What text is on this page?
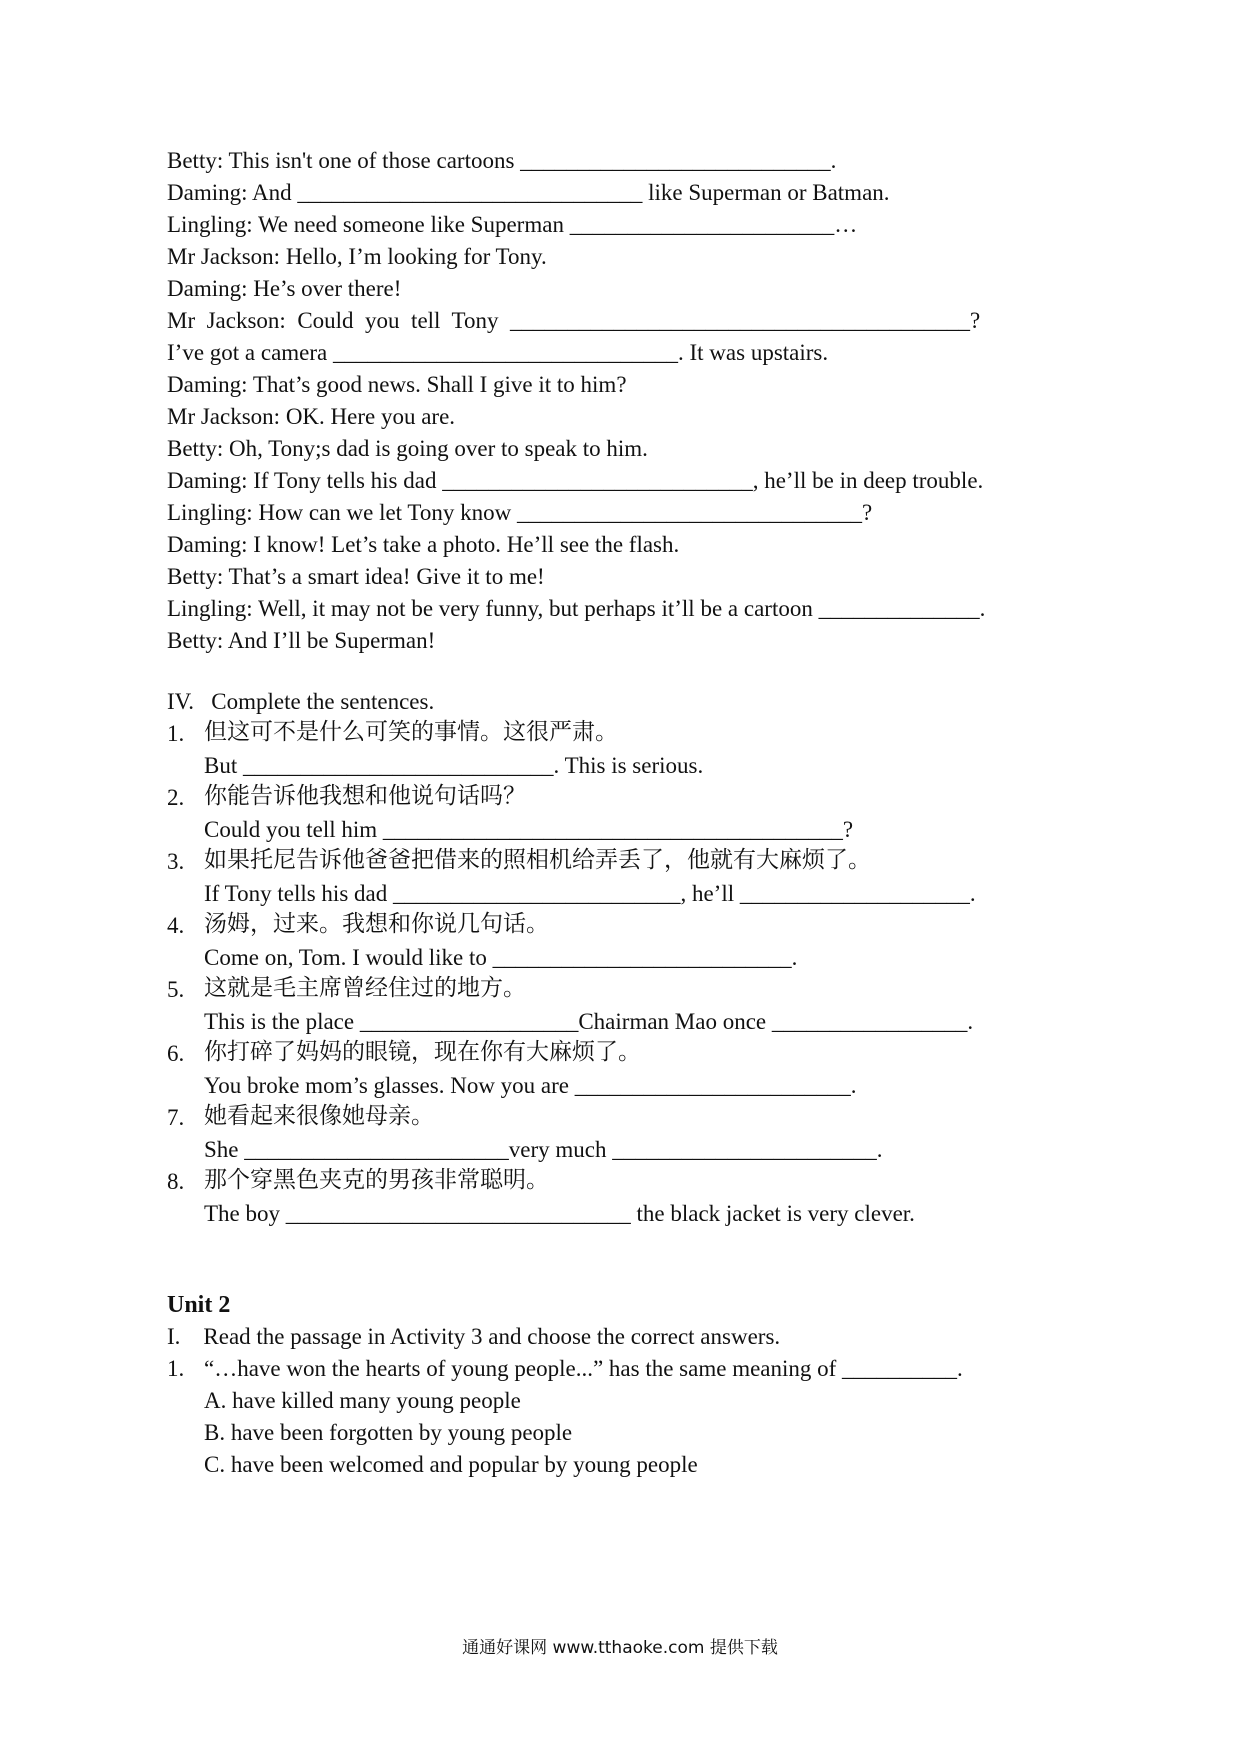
Betty: This isn't one of those cartoons ___________________________.
Daming: And ______________________________ like Superman or Batman.
Lingling: We need someone like Superman _______________________…
Mr Jackson: Hello, I’m looking for Tony.
Daming: He’s over there!
Mr  Jackson:  Could  you  tell  Tony  ________________________________________?
I’ve got a camera ______________________________. It was upstairs.
Daming: That’s good news. Shall I give it to him?
Mr Jackson: OK. Here you are.
Betty: Oh, Tony;s dad is going over to speak to him.
Daming: If Tony tells his dad ___________________________, he’ll be in deep trouble.
Lingling: How can we let Tony know ______________________________?
Daming: I know! Let’s take a photo. He’ll see the flash.
Betty: That’s a smart idea! Give it to me!
Lingling: Well, it may not be very funny, but perhaps it’ll be a cartoon ______________.
Betty: And I’ll be Superman!
IV.   Complete the sentences.
1. 但这可不是什么可笑的事情。这很严肃。
But ___________________________. This is serious.
2. 你能告诉他我想和他说句话吗？
Could you tell him ________________________________________?
3. 如果托尼告诉他爸爸把借来的照相机给弄丢了，他就有大麻烦了。
If Tony tells his dad _________________________, he’ll ____________________.
4. 汤姆，过来。我想和你说几句话。
Come on, Tom. I would like to __________________________.
5. 这就是毛主席曾经住过的地方。
This is the place ___________________Chairman Mao once _________________.
6. 你打碎了妈妈的眼镜，现在你有大麻烦了。
You broke mom’s glasses. Now you are ________________________.
7. 她看起来很像她母亲。
She _______________________very much _______________________.
8. 那个穿黑色夹克的男孩非常聪明。
The boy ______________________________ the black jacket is very clever.
Unit 2
I.    Read the passage in Activity 3 and choose the correct answers.
1. “…have won the hearts of young people...” has the same meaning of __________.
A. have killed many young people
B. have been forgotten by young people
C. have been welcomed and popular by young people
通通好课网 www.tthaoke.com 提供下载
